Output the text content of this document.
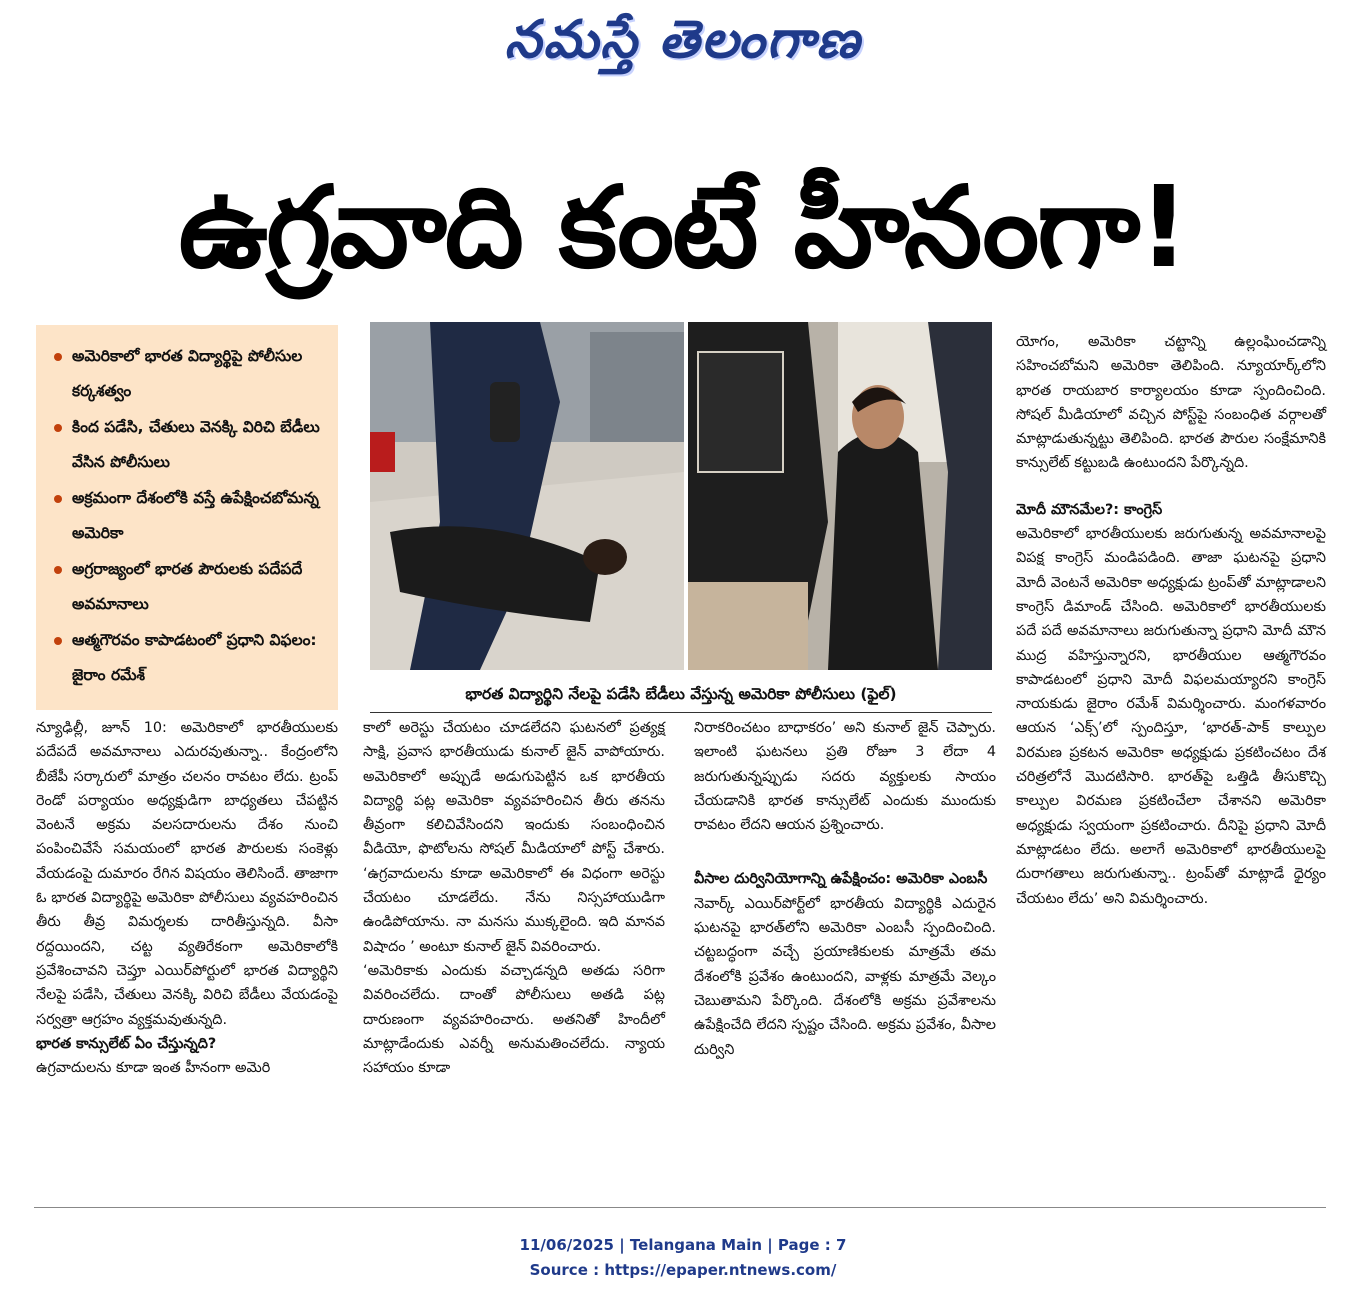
నమస్తే తెలంగాణ
ఉగ్రవాది కంటే హీనంగా!
అమెరికాలో భారత విద్యార్థిపై పోలీసుల కర్కశత్వం
కింద పడేసి, చేతులు వెనక్కి విరిచి బేడీలు వేసిన పోలీసులు
అక్రమంగా దేశంలోకి వస్తే ఉపేక్షించబోమన్న అమెరికా
అగ్రరాజ్యంలో భారత పౌరులకు పదేపదే అవమానాలు
ఆత్మగౌరవం కాపాడటంలో ప్రధాని విఫలం: జైరాం రమేశ్
భారత విద్యార్థిని నేలపై పడేసి బేడీలు వేస్తున్న అమెరికా పోలీసులు (ఫైల్)

న్యూఢిల్లీ, జూన్ 10: అమెరికాలో భారతీయులకు పదేపదే అవమానాలు ఎదురవుతున్నా.. కేంద్రంలోని బీజేపీ సర్కారులో మాత్రం చలనం రావటం లేదు. ట్రంప్ రెండో పర్యాయం అధ్యక్షుడిగా బాధ్యతలు చేపట్టిన వెంటనే అక్రమ వలసదారులను దేశం నుంచి పంపించివేసే సమయంలో భారత పౌరులకు సంకెళ్లు వేయడంపై దుమారం రేగిన విషయం తెలిసిందే. తాజాగా ఓ భారత విద్యార్థిపై అమెరికా పోలీసులు వ్యవహరించిన తీరు తీవ్ర విమర్శలకు దారితీస్తున్నది. వీసా రద్దయిందని, చట్ట వ్యతిరేకంగా అమెరికాలోకి ప్రవేశించావని చెప్తూ ఎయిర్‌పోర్టులో భారత విద్యార్థిని నేలపై పడేసి, చేతులు వెనక్కి విరిచి బేడీలు వేయడంపై సర్వత్రా ఆగ్రహం వ్యక్తమవుతున్నది.

భారత కాన్సులేట్ ఏం చేస్తున్నది?

ఉగ్రవాదులను కూడా ఇంత హీనంగా అమెరి

కాలో అరెస్టు చేయటం చూడలేదని ఘటనలో ప్రత్యక్ష సాక్షి, ప్రవాస భారతీయుడు కునాల్ జైన్ వాపోయారు. అమెరికాలో అప్పుడే అడుగుపెట్టిన ఒక భారతీయ విద్యార్థి పట్ల అమెరికా వ్యవహరించిన తీరు తనను తీవ్రంగా కలిచివేసిందని ఇందుకు సంబంధించిన వీడియో, ఫొటోలను సోషల్ మీడియాలో పోస్ట్ చేశారు. ‘ఉగ్రవాదులను కూడా అమెరికాలో ఈ విధంగా అరెస్టు చేయటం చూడలేదు. నేను నిస్సహాయుడిగా ఉండిపోయాను. నా మనసు ముక్కలైంది. ఇది మానవ విషాదం ’ అంటూ కునాల్ జైన్ వివరించారు.

‘అమెరికాకు ఎందుకు వచ్చాడన్నది అతడు సరిగా వివరించలేదు. దాంతో పోలీసులు అతడి పట్ల దారుణంగా వ్యవహరించారు. అతనితో హిందీలో మాట్లాడేందుకు ఎవర్నీ అనుమతించలేదు. న్యాయ సహాయం కూడా

నిరాకరించటం బాధాకరం’ అని కునాల్ జైన్ చెప్పారు. ఇలాంటి ఘటనలు ప్రతి రోజూ 3 లేదా 4 జరుగుతున్నప్పుడు సదరు వ్యక్తులకు సాయం చేయడానికి భారత కాన్సులేట్ ఎందుకు ముందుకు రావటం లేదని ఆయన ప్రశ్నించారు.

వీసాల దుర్వినియోగాన్ని ఉపేక్షించం: అమెరికా ఎంబసీ

నెవార్క్ ఎయిర్‌పోర్ట్‌లో భారతీయ విద్యార్థికి ఎదురైన ఘటనపై భారత్‌లోని అమెరికా ఎంబసీ స్పందించింది. చట్టబద్ధంగా వచ్చే ప్రయాణికులకు మాత్రమే తమ దేశంలోకి ప్రవేశం ఉంటుందని, వాళ్లకు మాత్రమే వెల్కం చెబుతామని పేర్కొంది. దేశంలోకి అక్రమ ప్రవేశాలను ఉపేక్షించేది లేదని స్పష్టం చేసింది. అక్రమ ప్రవేశం, వీసాల దుర్విని

యోగం, అమెరికా చట్టాన్ని ఉల్లంఘించడాన్ని సహించబోమని అమెరికా తెలిపింది. న్యూయార్క్‌లోని భారత రాయబార కార్యాలయం కూడా స్పందించింది. సోషల్ మీడియాలో వచ్చిన పోస్ట్‌పై సంబంధిత వర్గాలతో మాట్లాడుతున్నట్టు తెలిపింది. భారత పౌరుల సంక్షేమానికి కాన్సులేట్ కట్టుబడి ఉంటుందని పేర్కొన్నది.

మోదీ మౌనమేల?: కాంగ్రెస్

అమెరికాలో భారతీయులకు జరుగుతున్న అవమానాలపై విపక్ష కాంగ్రెస్ మండిపడింది. తాజా ఘటనపై ప్రధాని మోదీ వెంటనే అమెరికా అధ్యక్షుడు ట్రంప్‌తో మాట్లాడాలని కాంగ్రెస్ డిమాండ్ చేసింది. అమెరికాలో భారతీయులకు పదే పదే అవమానాలు జరుగుతున్నా ప్రధాని మోదీ మౌన ముద్ర వహిస్తున్నారని, భారతీయుల ఆత్మగౌరవం కాపాడటంలో ప్రధాని మోదీ విఫలమయ్యారని కాంగ్రెస్ నాయకుడు జైరాం రమేశ్ విమర్శించారు. మంగళవారం ఆయన ‘ఎక్స్’లో స్పందిస్తూ, ‘భారత్-పాక్ కాల్పుల విరమణ ప్రకటన అమెరికా అధ్యక్షుడు ప్రకటించటం దేశ చరిత్రలోనే మొదటిసారి. భారత్‌పై ఒత్తిడి తీసుకొచ్చి కాల్పుల విరమణ ప్రకటించేలా చేశానని అమెరికా అధ్యక్షుడు స్వయంగా ప్రకటించారు. దీనిపై ప్రధాని మోదీ మాట్లాడటం లేదు. అలాగే అమెరికాలో భారతీయులపై దురాగతాలు జరుగుతున్నా.. ట్రంప్‌తో మాట్లాడే ధైర్యం చేయటం లేదు’ అని విమర్శించారు.

11/06/2025 | Telangana Main | Page : 7
Source : https://epaper.ntnews.com/
